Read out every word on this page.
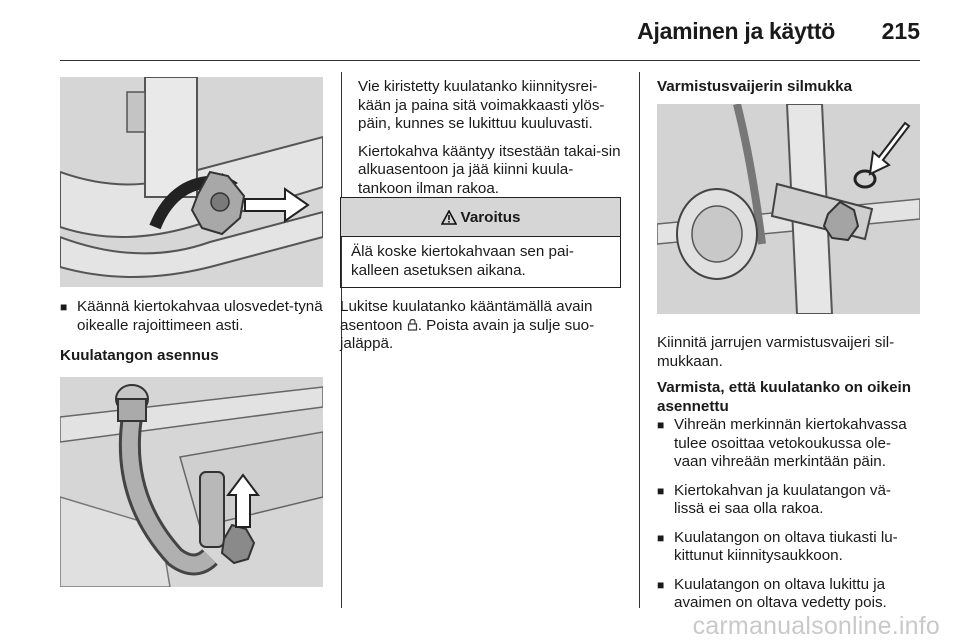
Ajaminen ja käyttö	215
■ Käännä kiertokahvaa ulosvedet-tynä oikealle rajoittimeen asti.
Kuulatangon asennus

Vie kiristetty kuulatanko kiinnitysrei-kään ja paina sitä voimakkaasti ylös-päin, kunnes se lukittuu kuuluvasti.

Kiertokahva kääntyy itsestään takai-sin alkuasentoon ja jää kiinni kuula-tankoon ilman rakoa.

Varoitus
Älä koske kiertokahvaan sen pai-kalleen asetuksen aikana.
Lukitse kuulatanko kääntämällä avain asentoon . Poista avain ja sulje suo-jaläppä.
Varmistusvaijerin silmukka
Kiinnitä jarrujen varmistusvaijeri sil-mukkaan.
Varmista, että kuulatanko on oikein asennettu
■ Vihreän merkinnän kiertokahvassa tulee osoittaa vetokoukussa ole-vaan vihreään merkintään päin.
■ Kiertokahvan ja kuulatangon vä-lissä ei saa olla rakoa.
■ Kuulatangon on oltava tiukasti lu-kittunut kiinnitysaukkoon.
■ Kuulatangon on oltava lukittu ja avaimen on oltava vedetty pois.
carmanualsonline.info
